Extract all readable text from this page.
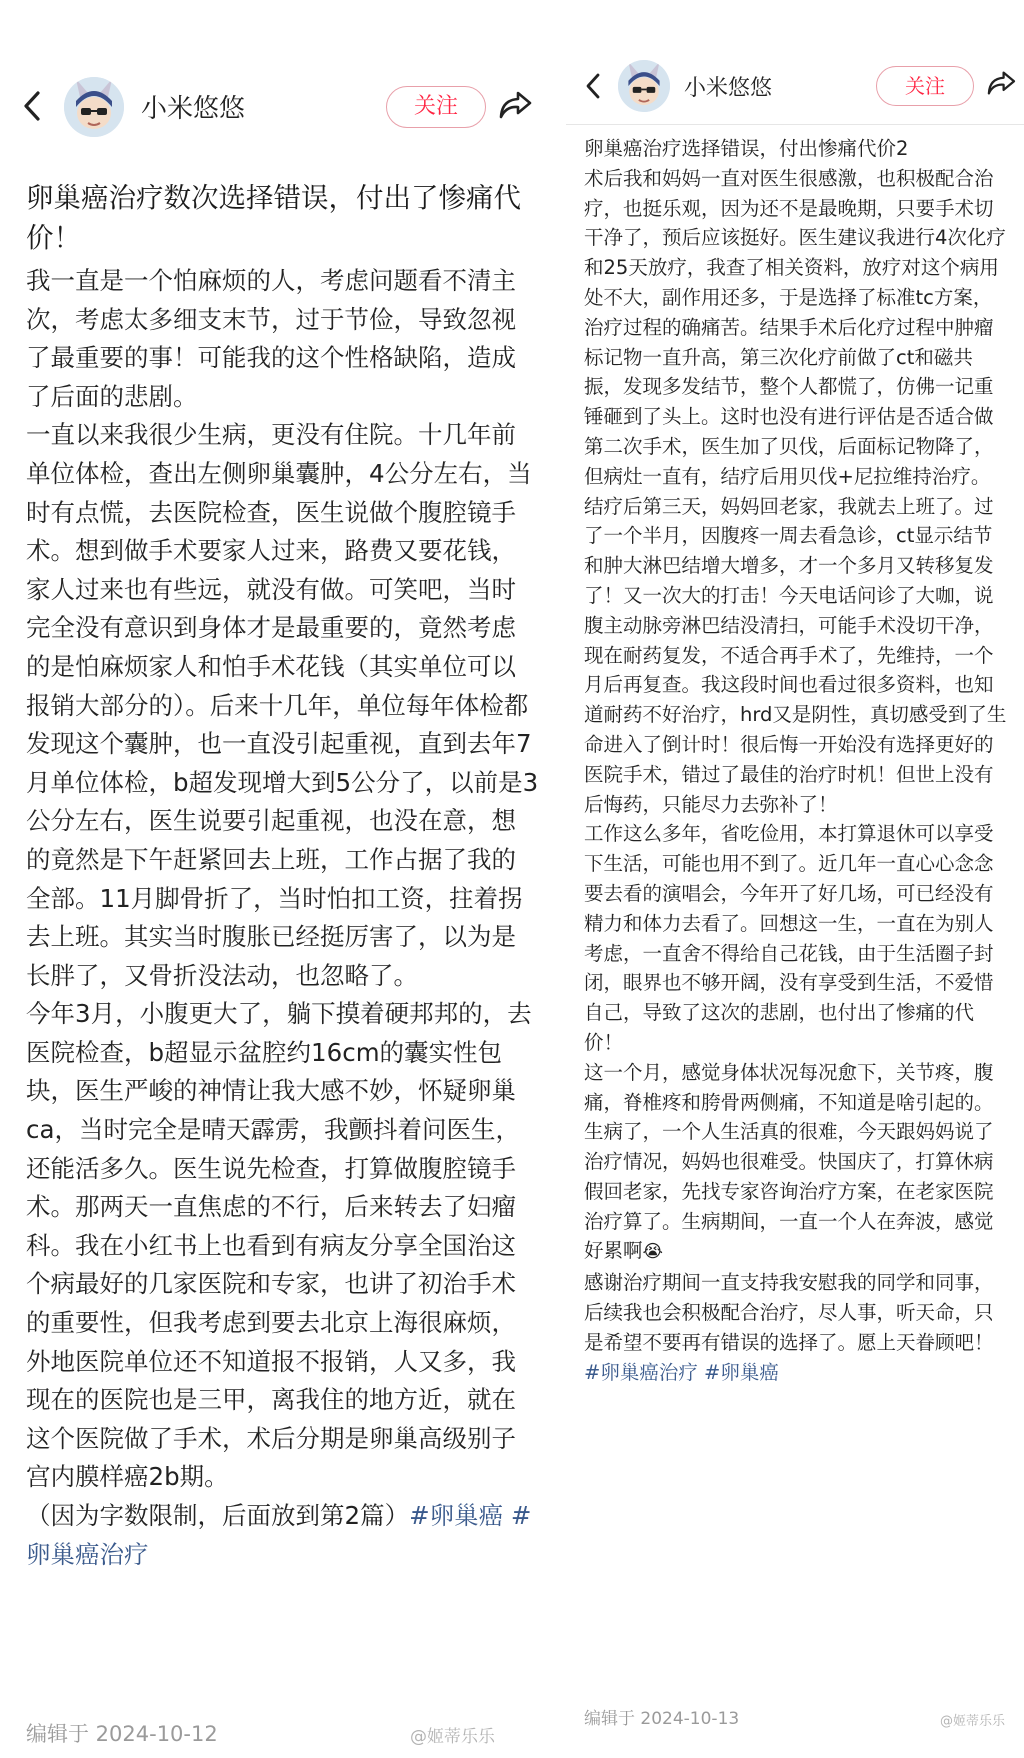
小米悠悠	关注
卵巢癌治疗数次选择错误，付出了惨痛代价！

我一直是一个怕麻烦的人，考虑问题看不清主次，考虑太多细支末节，过于节俭，导致忽视了最重要的事！可能我的这个性格缺陷，造成了后面的悲剧。

一直以来我很少生病，更没有住院。十几年前单位体检，查出左侧卵巢囊肿，4公分左右，当时有点慌，去医院检查，医生说做个腹腔镜手术。想到做手术要家人过来，路费又要花钱，家人过来也有些远，就没有做。可笑吧，当时完全没有意识到身体才是最重要的，竟然考虑的是怕麻烦家人和怕手术花钱（其实单位可以报销大部分的）。后来十几年，单位每年体检都发现这个囊肿，也一直没引起重视，直到去年7月单位体检，b超发现增大到5公分了，以前是3公分左右，医生说要引起重视，也没在意，想的竟然是下午赶紧回去上班，工作占据了我的全部。11月脚骨折了，当时怕扣工资，拄着拐去上班。其实当时腹胀已经挺厉害了，以为是长胖了，又骨折没法动，也忽略了。

今年3月，小腹更大了，躺下摸着硬邦邦的，去医院检查，b超显示盆腔约16cm的囊实性包块，医生严峻的神情让我大感不妙，怀疑卵巢ca，当时完全是晴天霹雳，我颤抖着问医生，还能活多久。医生说先检查，打算做腹腔镜手术。那两天一直焦虑的不行，后来转去了妇瘤科。我在小红书上也看到有病友分享全国治这个病最好的几家医院和专家，也讲了初治手术的重要性，但我考虑到要去北京上海很麻烦，外地医院单位还不知道报不报销，人又多，我现在的医院也是三甲，离我住的地方近，就在这个医院做了手术，术后分期是卵巢高级别子宫内膜样癌2b期。

（因为字数限制，后面放到第2篇）#卵巢癌 #卵巢癌治疗

编辑于 2024-10-12	@姬蒂乐乐
小米悠悠	关注

卵巢癌治疗选择错误，付出惨痛代价2

术后我和妈妈一直对医生很感激，也积极配合治疗，也挺乐观，因为还不是最晚期，只要手术切干净了，预后应该挺好。医生建议我进行4次化疗和25天放疗，我查了相关资料，放疗对这个病用处不大，副作用还多，于是选择了标准tc方案，治疗过程的确痛苦。结果手术后化疗过程中肿瘤标记物一直升高，第三次化疗前做了ct和磁共振，发现多发结节，整个人都慌了，仿佛一记重锤砸到了头上。这时也没有进行评估是否适合做第二次手术，医生加了贝伐，后面标记物降了，但病灶一直有，结疗后用贝伐+尼拉维持治疗。结疗后第三天，妈妈回老家，我就去上班了。过了一个半月，因腹疼一周去看急诊，ct显示结节和肿大淋巴结增大增多，才一个多月又转移复发了！又一次大的打击！今天电话问诊了大咖，说腹主动脉旁淋巴结没清扫，可能手术没切干净，现在耐药复发，不适合再手术了，先维持，一个月后再复查。我这段时间也看过很多资料，也知道耐药不好治疗，hrd又是阴性，真切感受到了生命进入了倒计时！很后悔一开始没有选择更好的医院手术，错过了最佳的治疗时机！但世上没有后悔药，只能尽力去弥补了！

工作这么多年，省吃俭用，本打算退休可以享受下生活，可能也用不到了。近几年一直心心念念要去看的演唱会，今年开了好几场，可已经没有精力和体力去看了。回想这一生，一直在为别人考虑，一直舍不得给自己花钱，由于生活圈子封闭，眼界也不够开阔，没有享受到生活，不爱惜自己，导致了这次的悲剧，也付出了惨痛的代价！

这一个月，感觉身体状况每况愈下，关节疼，腹痛，脊椎疼和胯骨两侧痛，不知道是啥引起的。生病了，一个人生活真的很难，今天跟妈妈说了治疗情况，妈妈也很难受。快国庆了，打算休病假回老家，先找专家咨询治疗方案，在老家医院治疗算了。生病期间，一直一个人在奔波，感觉好累啊😭

感谢治疗期间一直支持我安慰我的同学和同事，后续我也会积极配合治疗，尽人事，听天命，只是希望不要再有错误的选择了。愿上天眷顾吧！

#卵巢癌治疗 #卵巢癌

编辑于 2024-10-13	@姬蒂乐乐
